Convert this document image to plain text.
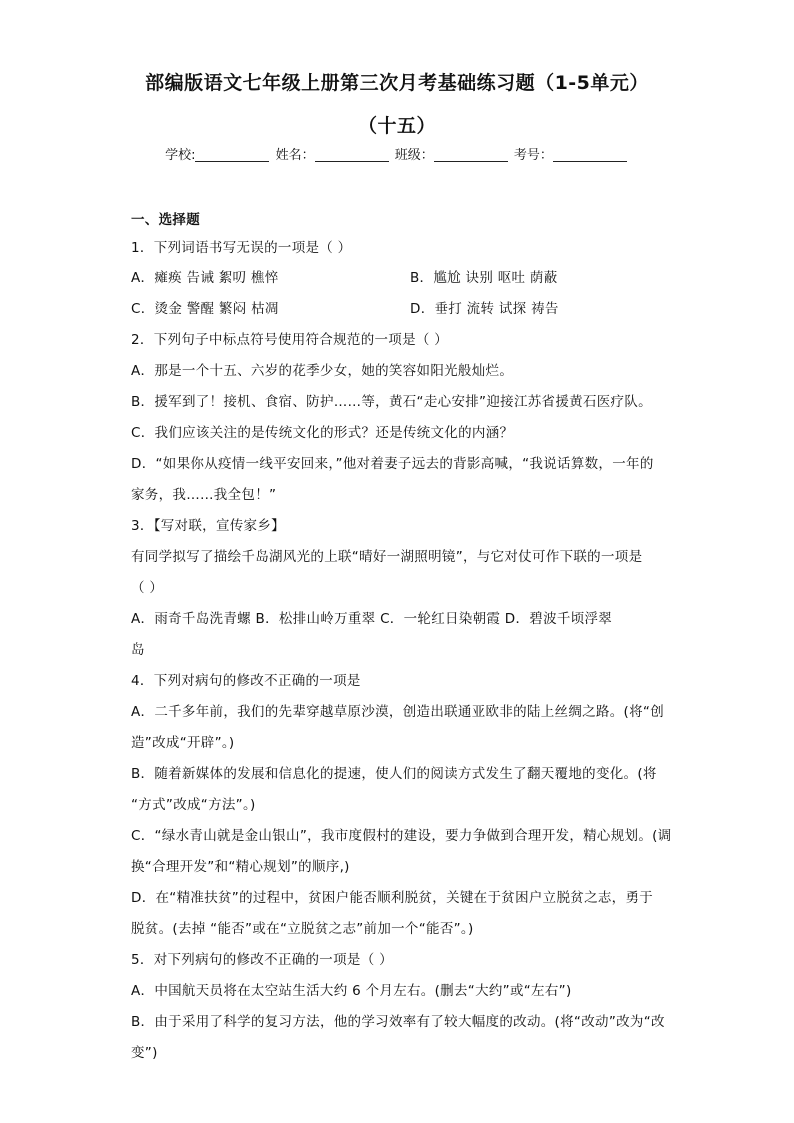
部编版语文七年级上册第三次月考基础练习题（1-5单元）
（十五）
学校:	姓名：	班级：	考号：
一、选择题
1．下列词语书写无误的一项是（ ）
A．瘫痪 告诫 絮叨 樵悴	B．尴尬 诀别 呕吐 荫蔽
C．烫金 警醒 繁闷 枯凋	D．垂打 流转 试探 祷告
2．下列句子中标点符号使用符合规范的一项是（ ）
A．那是一个十五、六岁的花季少女，她的笑容如阳光般灿烂。
B．援军到了！接机、食宿、防护……等，黄石“走心安排”迎接江苏省援黄石医疗队。
C．我们应该关注的是传统文化的形式？还是传统文化的内涵？
D．“如果你从疫情一线平安回来，”他对着妻子远去的背影高喊，“我说话算数，一年的
家务，我……我全包！”
3．【写对联，宣传家乡】
有同学拟写了描绘千岛湖风光的上联“晴好一湖照明镜”，与它对仗可作下联的一项是
（ ）
A．雨奇千岛洗青螺 B．松排山岭万重翠 C．一轮红日染朝霞 D．碧波千顷浮翠
岛
4．下列对病句的修改不正确的一项是
A．二千多年前，我们的先辈穿越草原沙漠，创造出联通亚欧非的陆上丝绸之路。(将“创
造”改成“开辟”。)
B．随着新媒体的发展和信息化的提速，使人们的阅读方式发生了翻天覆地的变化。(将
“方式”改成“方法”。)
C．“绿水青山就是金山银山”，我市度假村的建设，要力争做到合理开发，精心规划。(调
换“合理开发”和“精心规划”的顺序,)
D．在“精准扶贫”的过程中，贫困户能否顺利脱贫，关键在于贫困户立脱贫之志，勇于
脱贫。(去掉 “能否”或在“立脱贫之志”前加一个“能否”。)
5．对下列病句的修改不正确的一项是（ ）
A．中国航天员将在太空站生活大约 6 个月左右。(删去“大约”或“左右”)
B．由于采用了科学的复习方法，他的学习效率有了较大幅度的改动。(将“改动”改为“改
变”)
